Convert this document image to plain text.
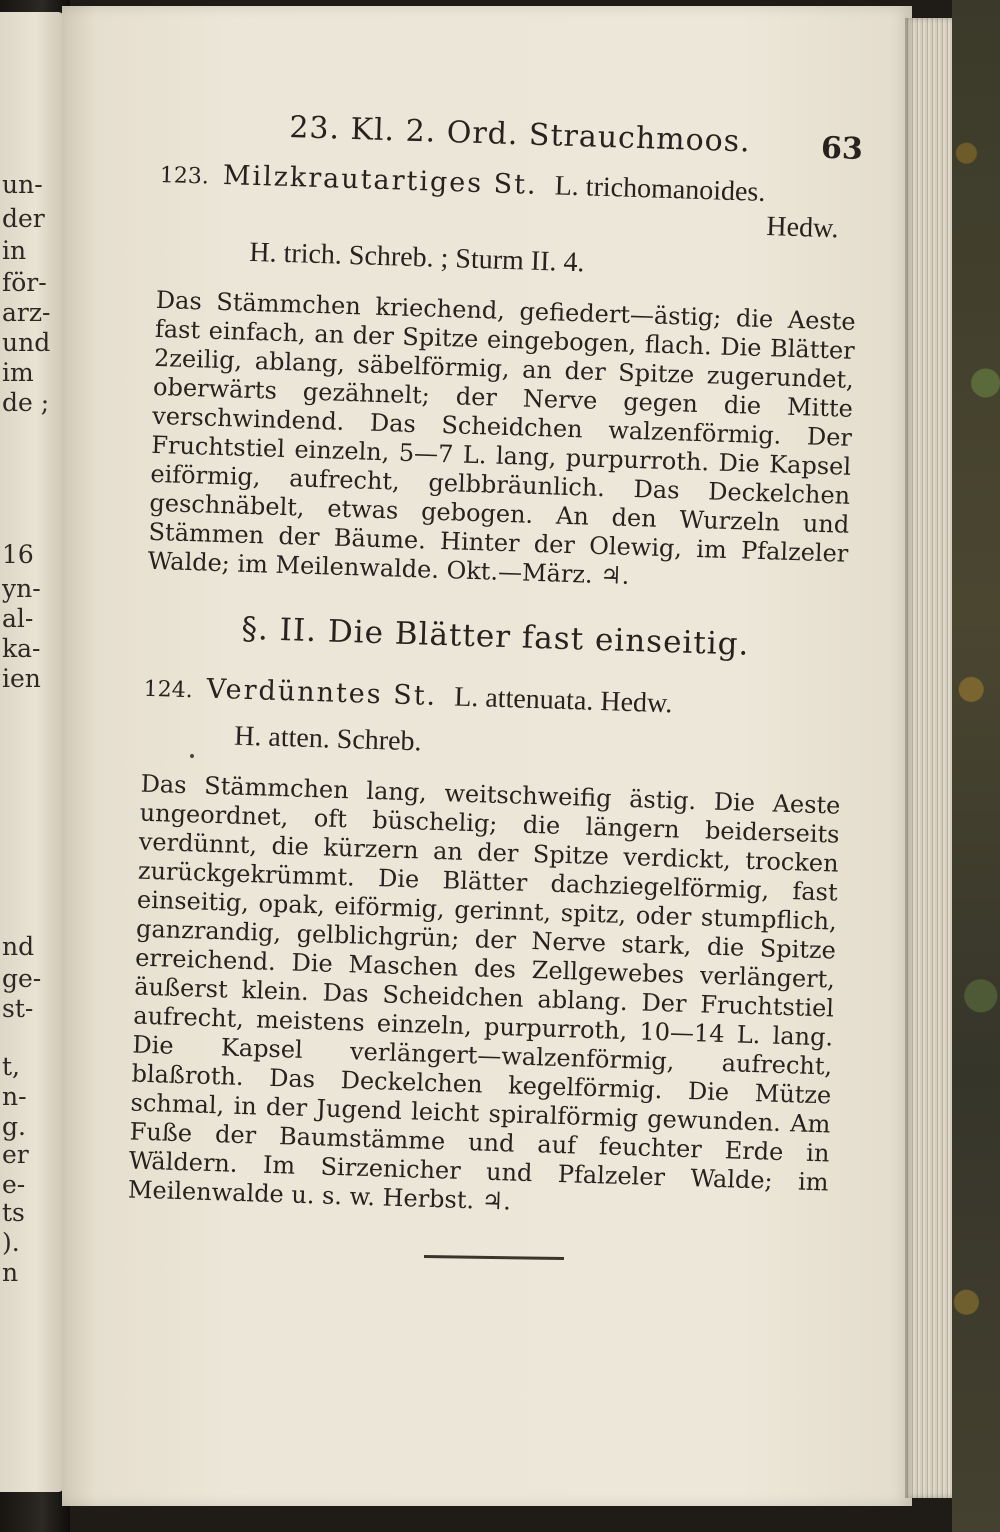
un-
der
in
för-
arz-
und
im
de ;
16
yn-
al-
ka-
ien
nd
ge-
st-
t,
n-
g.
er
e-
ts
).
n
23. Kl. 2. Ord. Strauchmoos. 63

123. Milzkrautartiges St. L. trichomanoides.

Hedw.
H. trich. Schreb. ; Sturm II. 4.

Das Stämmchen kriechend, gefiedert—ästig; die Aeste fast einfach, an der Spitze eingebogen, flach. Die Blätter 2zeilig, ablang, säbelförmig, an der Spitze zugerundet, oberwärts gezähnelt; der Nerve gegen die Mitte verschwindend. Das Scheidchen walzenförmig. Der Fruchtstiel einzeln, 5—7 L. lang, purpurroth. Die Kapsel eiförmig, aufrecht, gelbbräunlich. Das Deckelchen geschnäbelt, etwas gebogen. An den Wurzeln und Stämmen der Bäume. Hinter der Olewig, im Pfalzeler Walde; im Meilenwalde. Okt.—März. ♃.

§. II. Die Blätter fast einseitig.

124. Verdünntes St. L. attenuata. Hedw.

H. atten. Schreb.

Das Stämmchen lang, weitschweifig ästig. Die Aeste ungeordnet, oft büschelig; die längern beiderseits verdünnt, die kürzern an der Spitze verdickt, trocken zurückgekrümmt. Die Blätter dachziegelförmig, fast einseitig, opak, eiförmig, gerinnt, spitz, oder stumpflich, ganzrandig, gelblichgrün; der Nerve stark, die Spitze erreichend. Die Maschen des Zellgewebes verlängert, äußerst klein. Das Scheidchen ablang. Der Fruchtstiel aufrecht, meistens einzeln, purpurroth, 10—14 L. lang. Die Kapsel verlängert—walzenförmig, aufrecht, blaßroth. Das Deckelchen kegelförmig. Die Mütze schmal, in der Jugend leicht spiralförmig gewunden. Am Fuße der Baumstämme und auf feuchter Erde in Wäldern. Im Sirzenicher und Pfalzeler Walde; im Meilenwalde u. s. w. Herbst. ♃.
